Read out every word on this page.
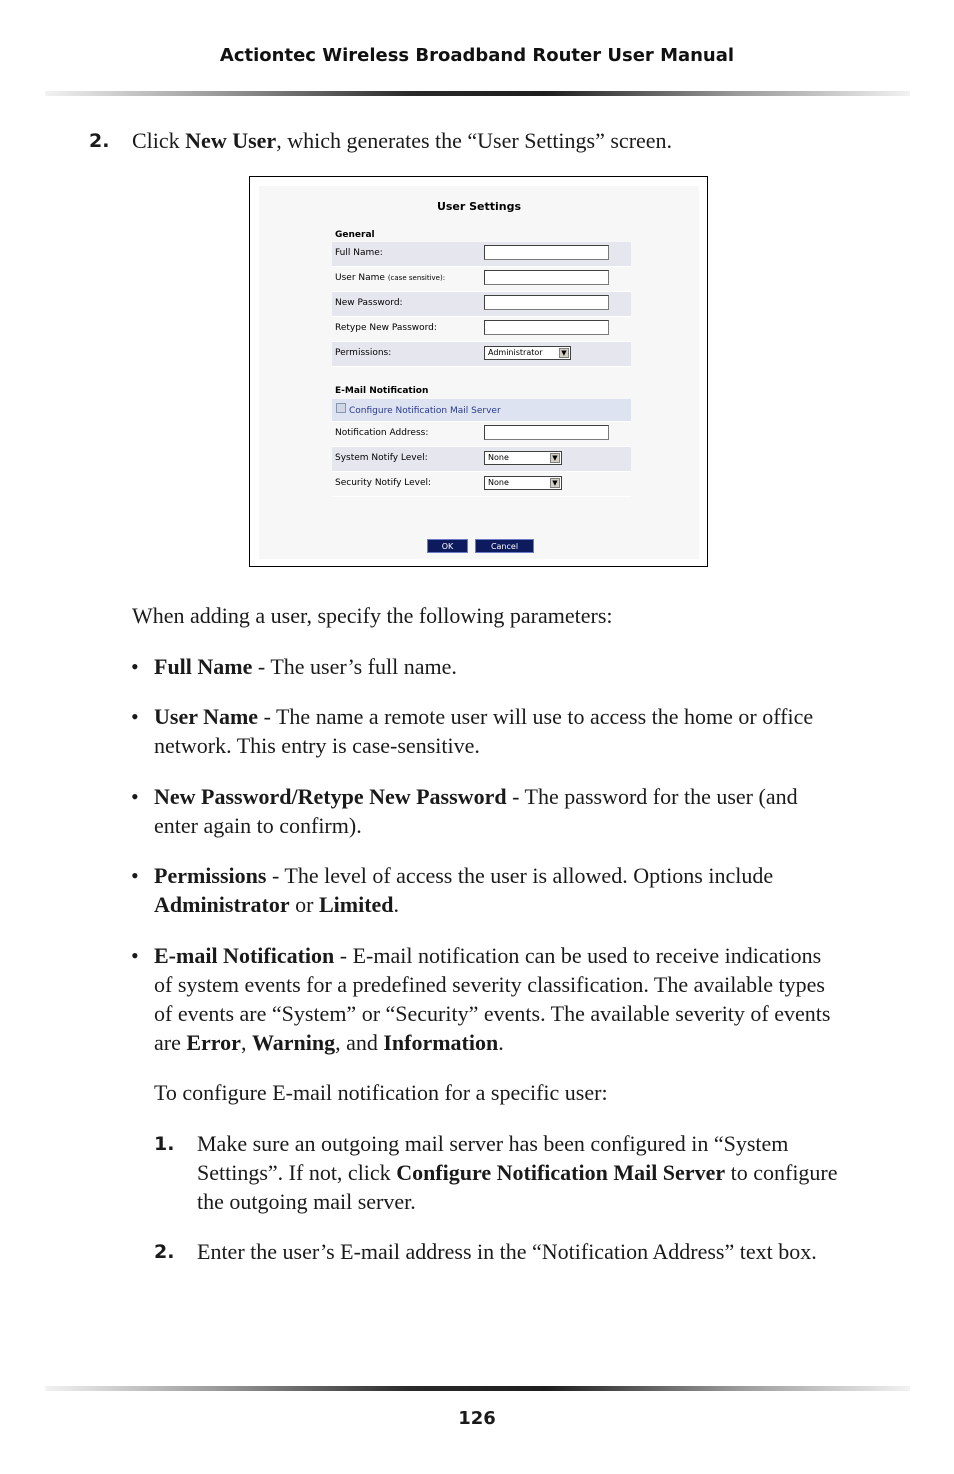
Actiontec Wireless Broadband Router User Manual
2. Click New User, which generates the “User Settings” screen.
User Settings
General
Full Name:
User Name (case sensitive):
New Password:
Retype New Password:
Permissions:	Administrator	▼
E-Mail Notification
Configure Notification Mail Server
Notification Address:
System Notify Level:	None	▼
Security Notify Level:	None	▼
OK	Cancel
When adding a user, specify the following parameters:
• Full Name - The user’s full name.
• User Name - The name a remote user will use to access the home or office
network. This entry is case-sensitive.
• New Password/Retype New Password - The password for the user (and
enter again to confirm).
• Permissions - The level of access the user is allowed. Options include
Administrator or Limited.
• E-mail Notification - E-mail notification can be used to receive indications
of system events for a predefined severity classification. The available types
of events are “System” or “Security” events. The available severity of events
are Error, Warning, and Information.
To configure E-mail notification for a specific user:
1. Make sure an outgoing mail server has been configured in “System
Settings”. If not, click Configure Notification Mail Server to configure
the outgoing mail server.
2. Enter the user’s E-mail address in the “Notification Address” text box.
126
